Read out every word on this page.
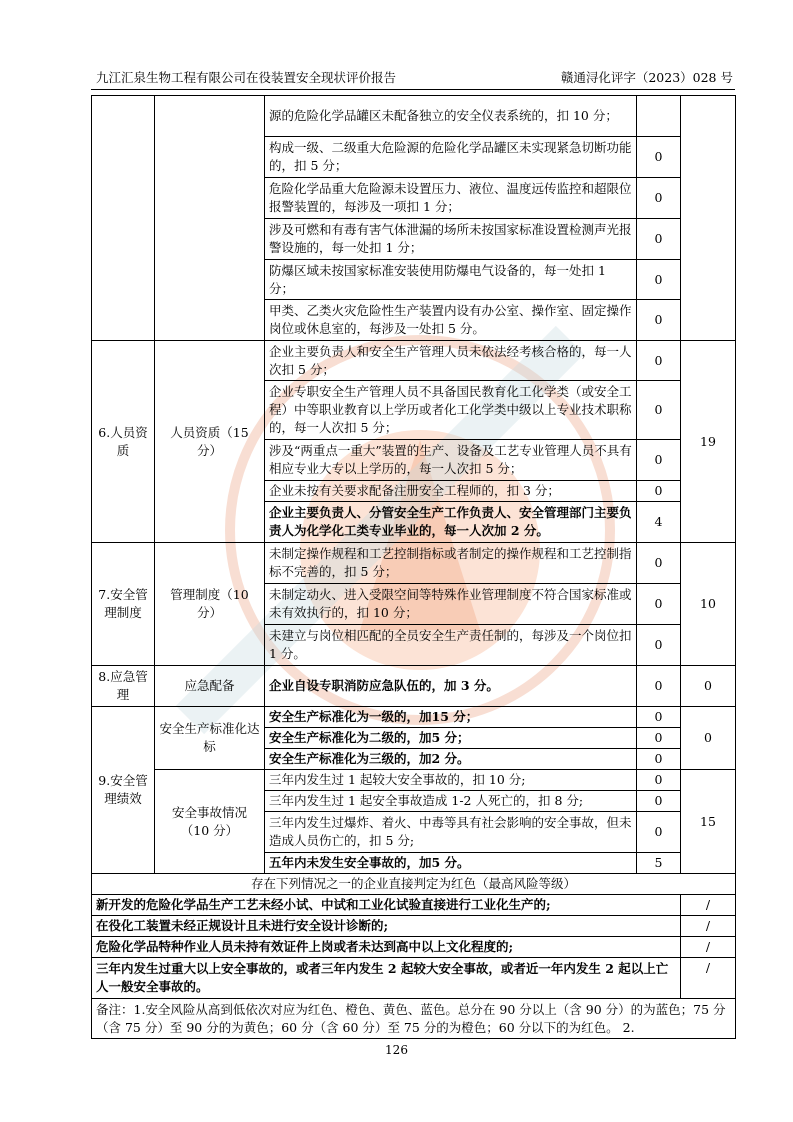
九江汇泉生物工程有限公司在役装置安全现状评价报告	赣通浔化评字（2023）028 号
		源的危险化学品罐区未配备独立的安全仪表系统的，扣 10 分；		
		构成一级、二级重大危险源的危险化学品罐区未实现紧急切断功能的，扣 5 分；	0	
		危险化学品重大危险源未设置压力、液位、温度远传监控和超限位报警装置的，每涉及一项扣 1 分；	0	
		涉及可燃和有毒有害气体泄漏的场所未按国家标准设置检测声光报警设施的，每一处扣 1 分；	0	
		防爆区域未按国家标准安装使用防爆电气设备的，每一处扣 1 分；	0	
		甲类、乙类火灾危险性生产装置内设有办公室、操作室、固定操作岗位或休息室的，每涉及一处扣 5 分。	0	
6.人员资质	人员资质（15 分）	企业主要负责人和安全生产管理人员未依法经考核合格的，每一人次扣 5 分；	0	19
		企业专职安全生产管理人员不具备国民教育化工化学类（或安全工程）中等职业教育以上学历或者化工化学类中级以上专业技术职称的，每一人次扣 5 分；	0	
		涉及“两重点一重大”装置的生产、设备及工艺专业管理人员不具有相应专业大专以上学历的，每一人次扣 5 分；	0	
		企业未按有关要求配备注册安全工程师的，扣 3 分；	0	
		企业主要负责人、分管安全生产工作负责人、安全管理部门主要负责人为化学化工类专业毕业的，每一人次加 2 分。	4	
7.安全管理制度	管理制度（10 分）	未制定操作规程和工艺控制指标或者制定的操作规程和工艺控制指标不完善的，扣 5 分；	0	10
		未制定动火、进入受限空间等特殊作业管理制度不符合国家标准或未有效执行的，扣 10 分；	0	
		未建立与岗位相匹配的全员安全生产责任制的，每涉及一个岗位扣 1 分。	0	
8.应急管理	应急配备	企业自设专职消防应急队伍的，加 3 分。	0	0
9.安全管理绩效	安全生产标准化达标	安全生产标准化为一级的，加15 分；	0	0
		安全生产标准化为二级的，加5 分；	0	
		安全生产标准化为三级的，加2 分。	0	
	安全事故情况（10 分）	三年内发生过 1 起较大安全事故的，扣 10 分;	0	15
		三年内发生过 1 起安全事故造成 1-2 人死亡的，扣 8 分;	0	
		三年内发生过爆炸、着火、中毒等具有社会影响的安全事故，但未造成人员伤亡的，扣 5 分;	0	
		五年内未发生安全事故的，加5 分。	5	
存在下列情况之一的企业直接判定为红色（最高风险等级）				
新开发的危险化学品生产工艺未经小试、中试和工业化试验直接进行工业化生产的;				/
在役化工装置未经正规设计且未进行安全设计诊断的;				/
危险化学品特种作业人员未持有效证件上岗或者未达到高中以上文化程度的;				/
三年内发生过重大以上安全事故的，或者三年内发生 2 起较大安全事故，或者近一年内发生 2 起以上亡人一般安全事故的。				/
备注：1.安全风险从高到低依次对应为红色、橙色、黄色、蓝色。总分在 90 分以上（含 90 分）的为蓝色；75 分（含 75 分）至 90 分的为黄色；60 分（含 60 分）至 75 分的为橙色；60 分以下的为红色。 2.				
126
